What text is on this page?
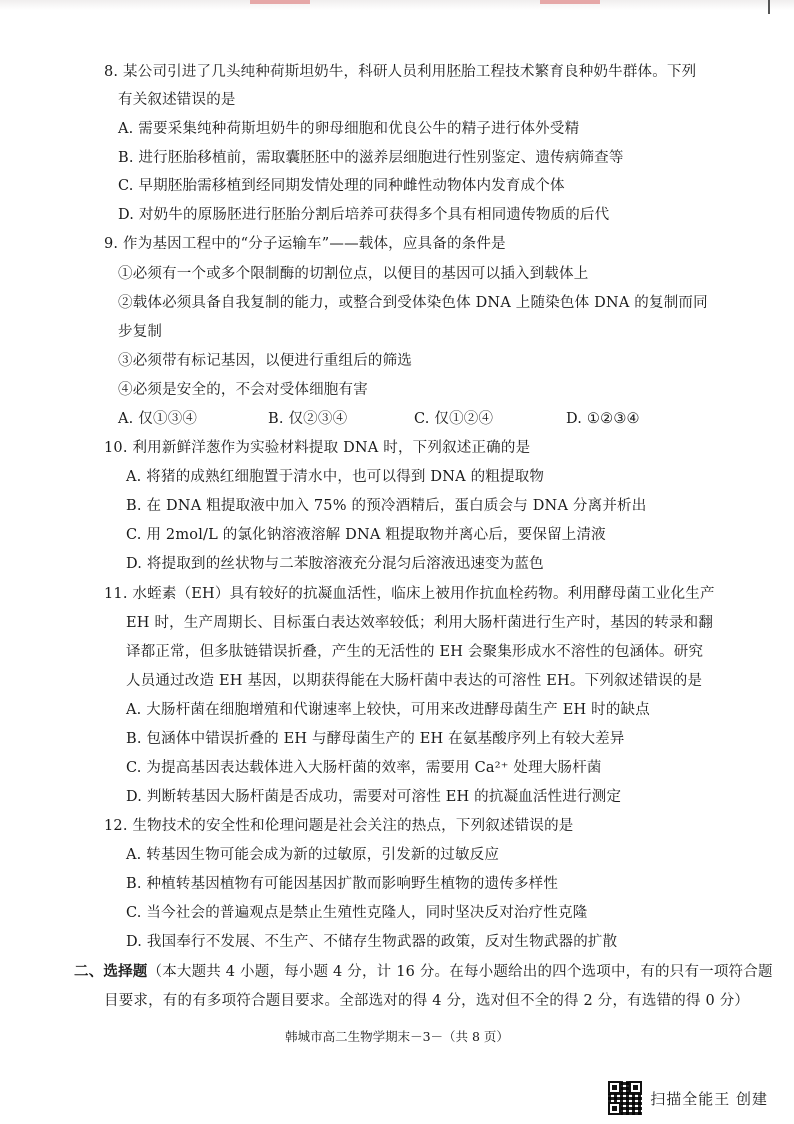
8. 某公司引进了几头纯种荷斯坦奶牛，科研人员利用胚胎工程技术繁育良种奶牛群体。下列
有关叙述错误的是
A. 需要采集纯种荷斯坦奶牛的卵母细胞和优良公牛的精子进行体外受精
B. 进行胚胎移植前，需取囊胚胚中的滋养层细胞进行性别鉴定、遗传病筛查等
C. 早期胚胎需移植到经同期发情处理的同种雌性动物体内发育成个体
D. 对奶牛的原肠胚进行胚胎分割后培养可获得多个具有相同遗传物质的后代
9. 作为基因工程中的“分子运输车”——载体，应具备的条件是
①必须有一个或多个限制酶的切割位点，以便目的基因可以插入到载体上
②载体必须具备自我复制的能力，或整合到受体染色体 DNA 上随染色体 DNA 的复制而同
步复制
③必须带有标记基因，以便进行重组后的筛选
④必须是安全的，不会对受体细胞有害
A. 仅①③④	B. 仅②③④	C. 仅①②④	D. ①②③④
10. 利用新鲜洋葱作为实验材料提取 DNA 时，下列叙述正确的是
A. 将猪的成熟红细胞置于清水中，也可以得到 DNA 的粗提取物
B. 在 DNA 粗提取液中加入 75% 的预冷酒精后，蛋白质会与 DNA 分离并析出
C. 用 2mol/L 的氯化钠溶液溶解 DNA 粗提取物并离心后，要保留上清液
D. 将提取到的丝状物与二苯胺溶液充分混匀后溶液迅速变为蓝色
11. 水蛭素（EH）具有较好的抗凝血活性，临床上被用作抗血栓药物。利用酵母菌工业化生产
EH 时，生产周期长、目标蛋白表达效率较低；利用大肠杆菌进行生产时，基因的转录和翻
译都正常，但多肽链错误折叠，产生的无活性的 EH 会聚集形成水不溶性的包涵体。研究
人员通过改造 EH 基因，以期获得能在大肠杆菌中表达的可溶性 EH。下列叙述错误的是
A. 大肠杆菌在细胞增殖和代谢速率上较快，可用来改进酵母菌生产 EH 时的缺点
B. 包涵体中错误折叠的 EH 与酵母菌生产的 EH 在氨基酸序列上有较大差异
C. 为提高基因表达载体进入大肠杆菌的效率，需要用 Ca²⁺ 处理大肠杆菌
D. 判断转基因大肠杆菌是否成功，需要对可溶性 EH 的抗凝血活性进行测定
12. 生物技术的安全性和伦理问题是社会关注的热点，下列叙述错误的是
A. 转基因生物可能会成为新的过敏原，引发新的过敏反应
B. 种植转基因植物有可能因基因扩散而影响野生植物的遗传多样性
C. 当今社会的普遍观点是禁止生殖性克隆人，同时坚决反对治疗性克隆
D. 我国奉行不发展、不生产、不储存生物武器的政策，反对生物武器的扩散
二、选择题（本大题共 4 小题，每小题 4 分，计 16 分。在每小题给出的四个选项中，有的只有一项符合题
目要求，有的有多项符合题目要求。全部选对的得 4 分，选对但不全的得 2 分，有选错的得 0 分）
韩城市高二生物学期末－3－（共 8 页）
扫描全能王 创建
